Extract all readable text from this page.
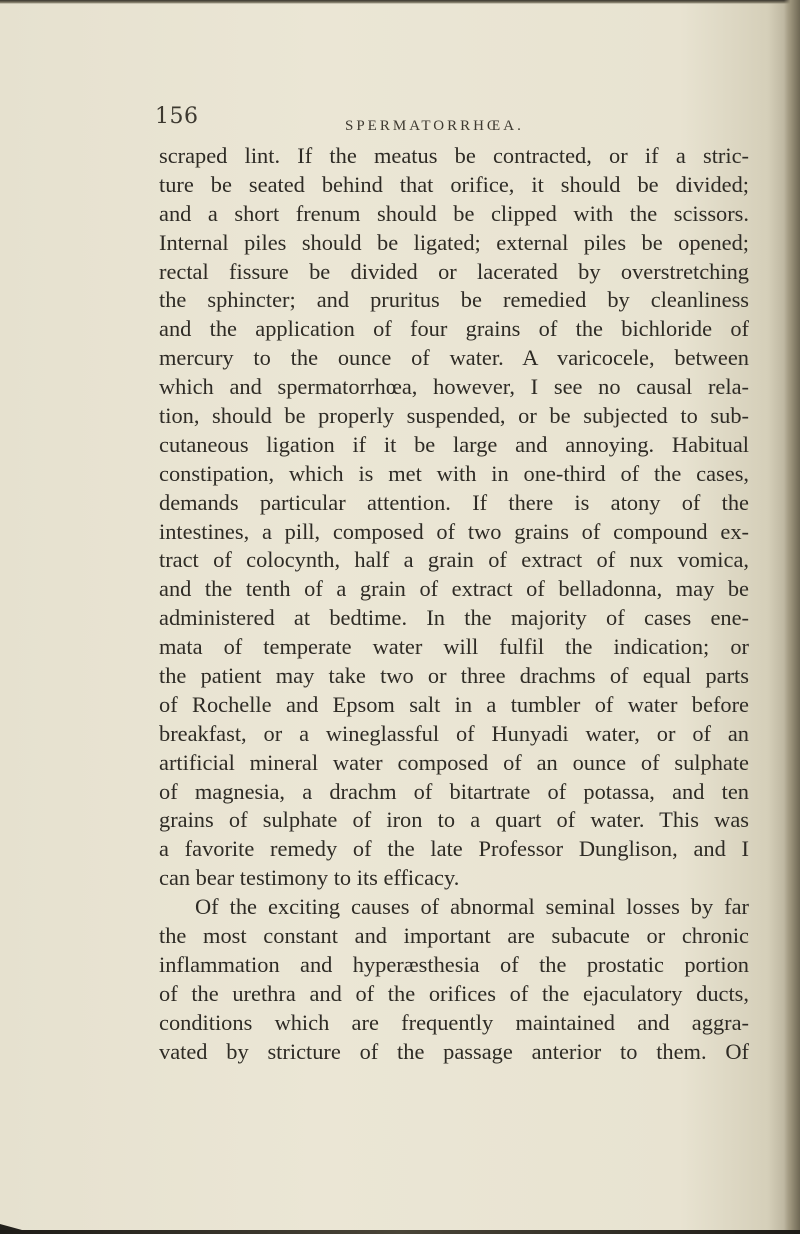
156	SPERMATORRHŒA.

scraped lint. If the meatus be contracted, or if a stric-
ture be seated behind that orifice, it should be divided;
and a short frenum should be clipped with the scissors.
Internal piles should be ligated; external piles be opened;
rectal fissure be divided or lacerated by overstretching
the sphincter; and pruritus be remedied by cleanliness
and the application of four grains of the bichloride of
mercury to the ounce of water. A varicocele, between
which and spermatorrhœa, however, I see no causal rela-
tion, should be properly suspended, or be subjected to sub-
cutaneous ligation if it be large and annoying. Habitual
constipation, which is met with in one-third of the cases,
demands particular attention. If there is atony of the
intestines, a pill, composed of two grains of compound ex-
tract of colocynth, half a grain of extract of nux vomica,
and the tenth of a grain of extract of belladonna, may be
administered at bedtime. In the majority of cases ene-
mata of temperate water will fulfil the indication; or
the patient may take two or three drachms of equal parts
of Rochelle and Epsom salt in a tumbler of water before
breakfast, or a wineglassful of Hunyadi water, or of an
artificial mineral water composed of an ounce of sulphate
of magnesia, a drachm of bitartrate of potassa, and ten
grains of sulphate of iron to a quart of water. This was
a favorite remedy of the late Professor Dunglison, and I
can bear testimony to its efficacy.
Of the exciting causes of abnormal seminal losses by far
the most constant and important are subacute or chronic
inflammation and hyperæsthesia of the prostatic portion
of the urethra and of the orifices of the ejaculatory ducts,
conditions which are frequently maintained and aggra-
vated by stricture of the passage anterior to them. Of
